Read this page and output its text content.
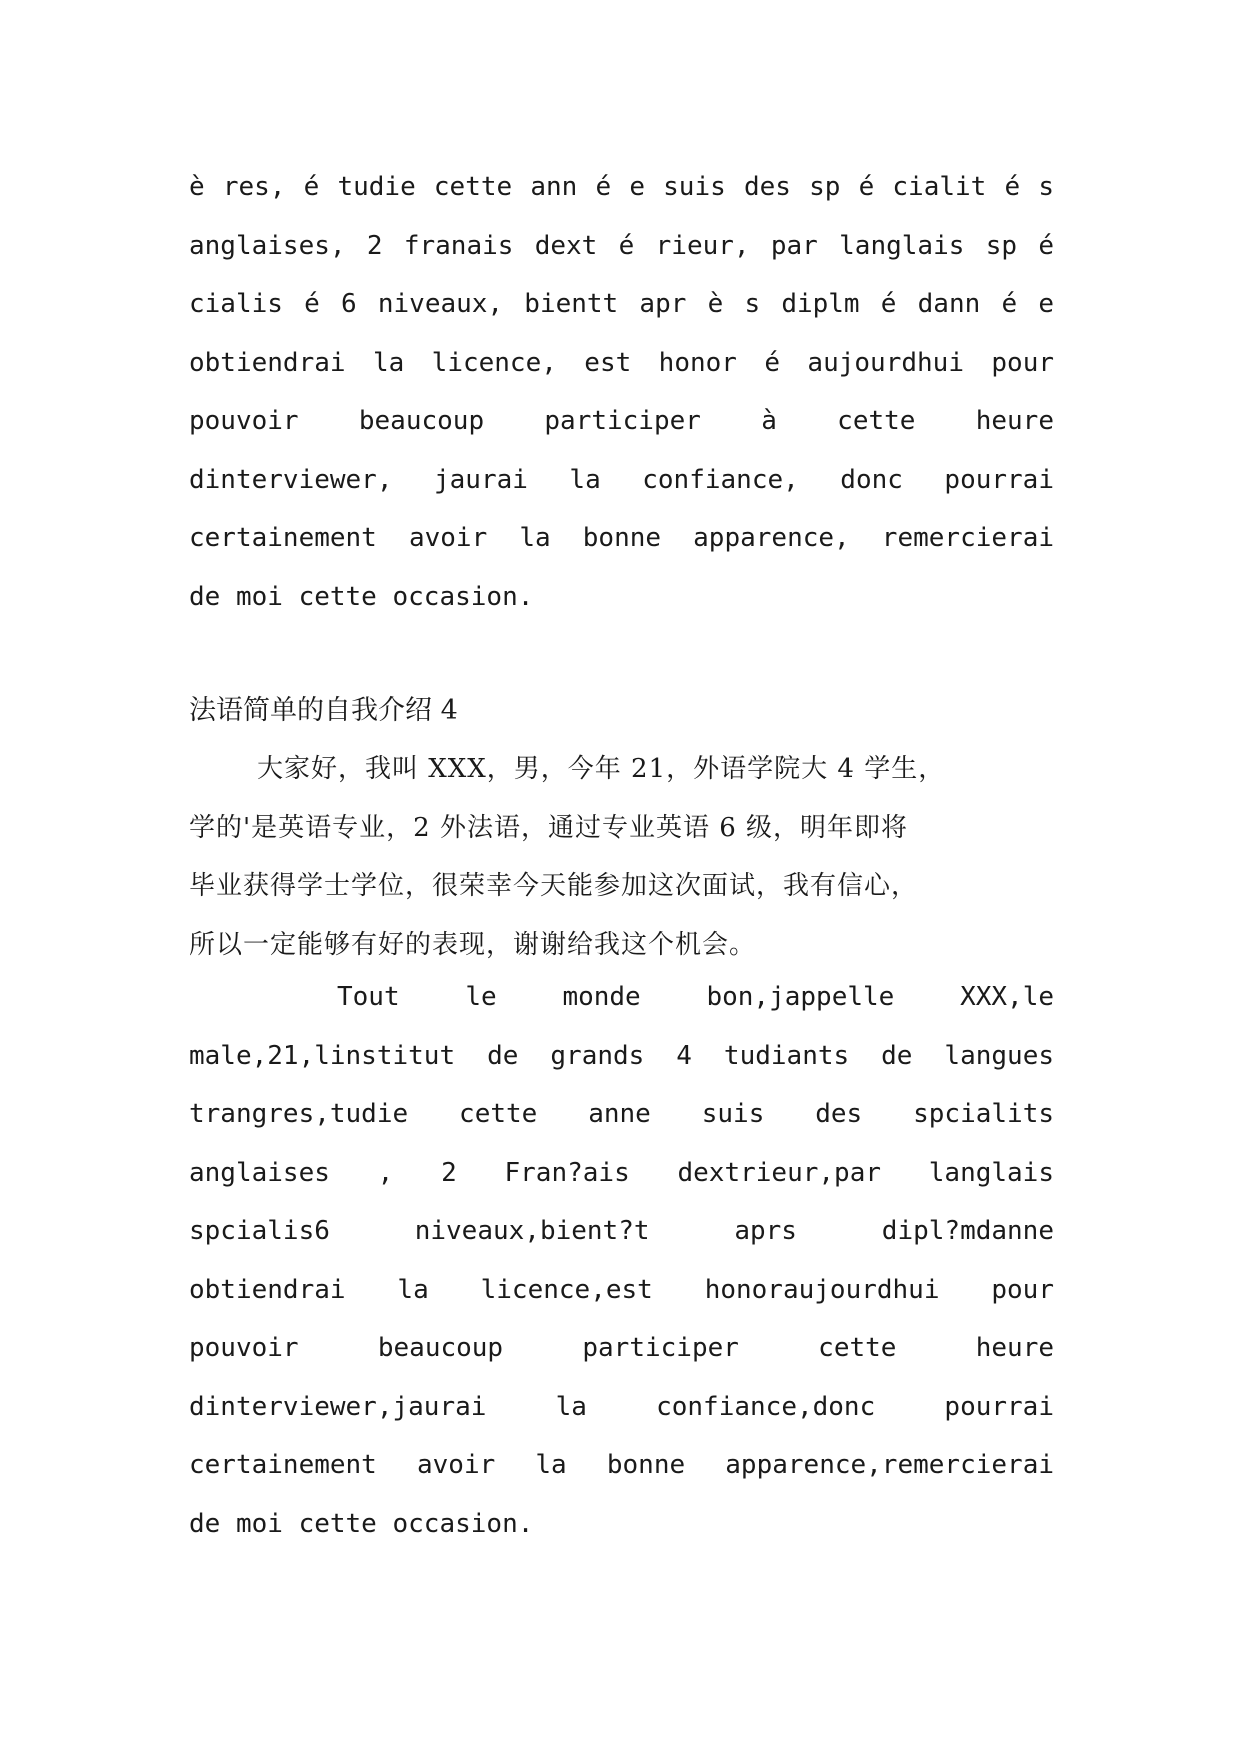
è res, é tudie cette ann é e suis des sp é cialit é s
anglaises, 2 franais dext é rieur, par langlais sp é
cialis é 6 niveaux, bientt apr è s diplm é dann é e
obtiendrai la licence, est honor é aujourdhui pour
pouvoir beaucoup participer à cette heure
dinterviewer, jaurai la confiance, donc pourrai
certainement avoir la bonne apparence, remercierai
de moi cette occasion.
法语简单的自我介绍 4
大家好，我叫 XXX，男，今年 21，外语学院大 4 学生，
学的'是英语专业，2 外法语，通过专业英语 6 级，明年即将
毕业获得学士学位，很荣幸今天能参加这次面试，我有信心，
所以一定能够有好的表现，谢谢给我这个机会。
Tout le monde bon,jappelle XXX,le
male,21,linstitut de grands 4 tudiants de langues
trangres,tudie cette anne suis des spcialits
anglaises , 2 Fran?ais dextrieur,par langlais
spcialis6 niveaux,bient?t aprs dipl?mdanne
obtiendrai la licence,est honoraujourdhui pour
pouvoir beaucoup participer cette heure
dinterviewer,jaurai la confiance,donc pourrai
certainement avoir la bonne apparence,remercierai
de moi cette occasion.
